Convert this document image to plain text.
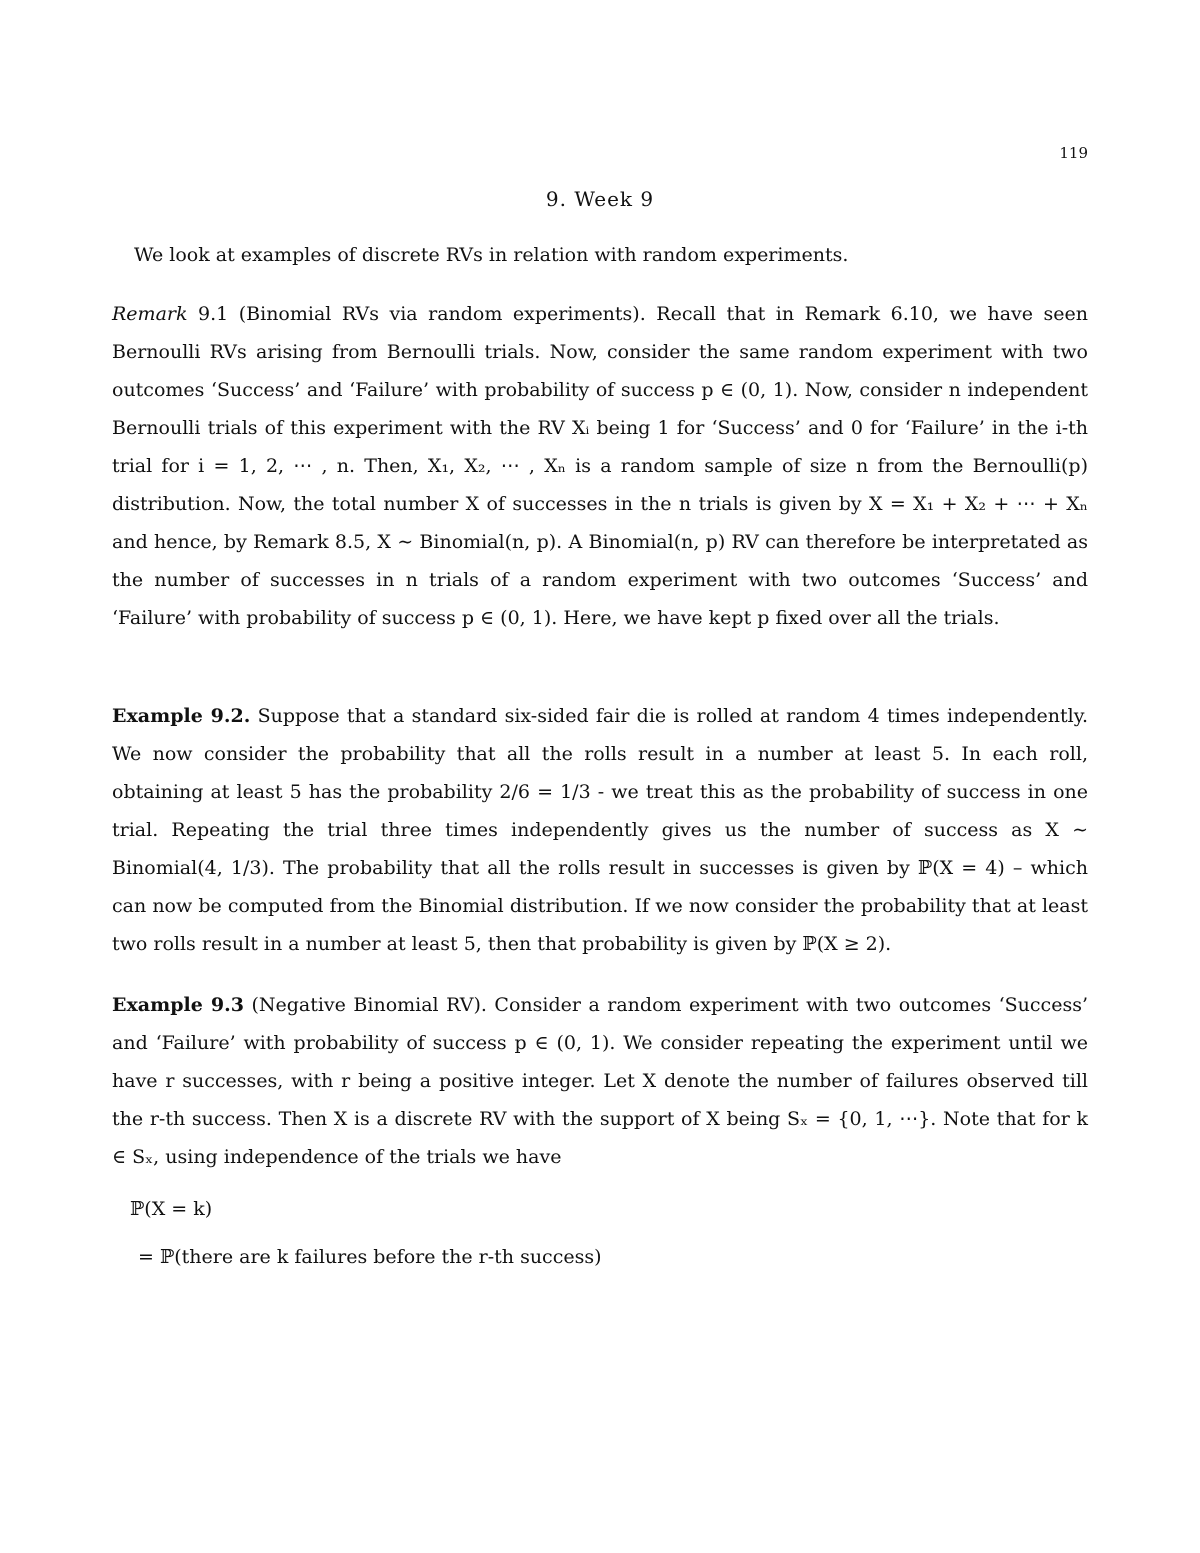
119
9. Week 9
We look at examples of discrete RVs in relation with random experiments.

Remark 9.1 (Binomial RVs via random experiments). Recall that in Remark 6.10, we have seen Bernoulli RVs arising from Bernoulli trials. Now, consider the same random experiment with two outcomes ‘Success’ and ‘Failure’ with probability of success p ∈ (0, 1). Now, consider n independent Bernoulli trials of this experiment with the RV Xᵢ being 1 for ‘Success’ and 0 for ‘Failure’ in the i-th trial for i = 1, 2, ⋯ , n. Then, X₁, X₂, ⋯ , Xₙ is a random sample of size n from the Bernoulli(p) distribution. Now, the total number X of successes in the n trials is given by X = X₁ + X₂ + ⋯ + Xₙ and hence, by Remark 8.5, X ∼ Binomial(n, p). A Binomial(n, p) RV can therefore be interpretated as the number of successes in n trials of a random experiment with two outcomes ‘Success’ and ‘Failure’ with probability of success p ∈ (0, 1). Here, we have kept p fixed over all the trials.

Example 9.2. Suppose that a standard six-sided fair die is rolled at random 4 times independently. We now consider the probability that all the rolls result in a number at least 5. In each roll, obtaining at least 5 has the probability 2/6 = 1/3 - we treat this as the probability of success in one trial. Repeating the trial three times independently gives us the number of success as X ∼ Binomial(4, 1/3). The probability that all the rolls result in successes is given by ℙ(X = 4) – which can now be computed from the Binomial distribution. If we now consider the probability that at least two rolls result in a number at least 5, then that probability is given by ℙ(X ≥ 2).

Example 9.3 (Negative Binomial RV). Consider a random experiment with two outcomes ‘Success’ and ‘Failure’ with probability of success p ∈ (0, 1). We consider repeating the experiment until we have r successes, with r being a positive integer. Let X denote the number of failures observed till the r-th success. Then X is a discrete RV with the support of X being Sₓ = {0, 1, ⋯}. Note that for k ∈ Sₓ, using independence of the trials we have

ℙ(X = k)
= ℙ(there are k failures before the r-th success)
